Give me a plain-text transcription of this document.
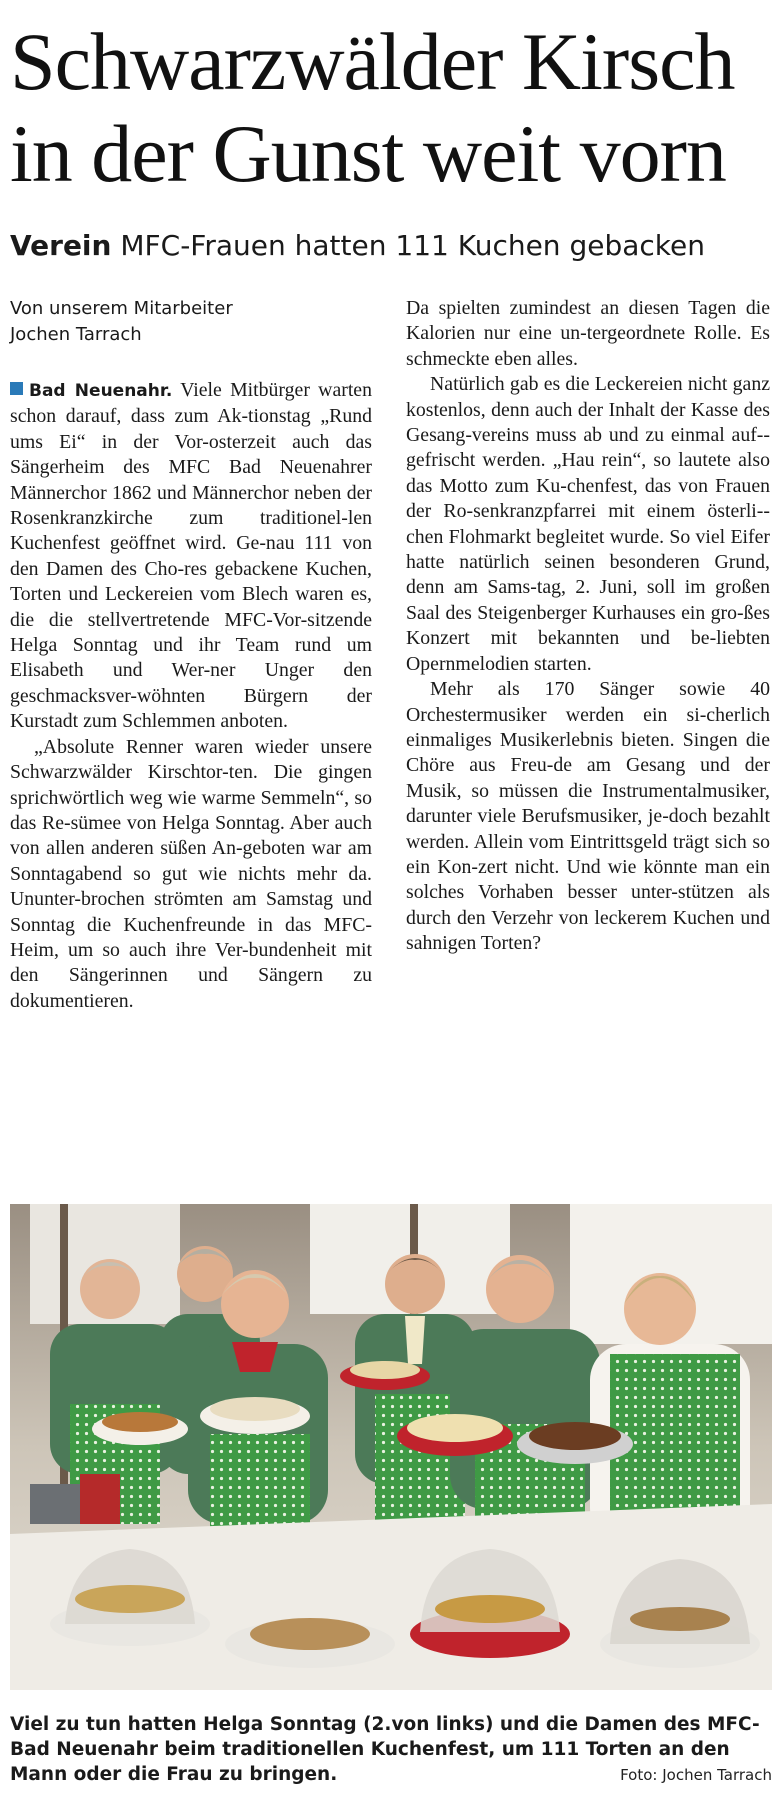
Schwarzwälder Kirsch
in der Gunst weit vorn
Verein MFC-Frauen hatten 111 Kuchen gebacken
Von unserem Mitarbeiter
Jochen Tarrach

Bad Neuenahr. Viele Mitbürger warten schon darauf, dass zum Ak-tionstag „Rund ums Ei“ in der Vor-osterzeit auch das Sängerheim des MFC Bad Neuenahrer Männerchor 1862 und Männerchor neben der Rosenkranzkirche zum traditionel-len Kuchenfest geöffnet wird. Ge-nau 111 von den Damen des Cho-res gebackene Kuchen, Torten und Leckereien vom Blech waren es, die die stellvertretende MFC-Vor-sitzende Helga Sonntag und ihr Team rund um Elisabeth und Wer-ner Unger den geschmacksver-wöhnten Bürgern der Kurstadt zum Schlemmen anboten.

„Absolute Renner waren wieder unsere Schwarzwälder Kirschtor-ten. Die gingen sprichwörtlich weg wie warme Semmeln“, so das Re-sümee von Helga Sonntag. Aber auch von allen anderen süßen An-geboten war am Sonntagabend so gut wie nichts mehr da. Ununter-brochen strömten am Samstag und Sonntag die Kuchenfreunde in das MFC-Heim, um so auch ihre Ver-bundenheit mit den Sängerinnen und Sängern zu dokumentieren.

Da spielten zumindest an diesen Tagen die Kalorien nur eine un-tergeordnete Rolle. Es schmeckte eben alles.

Natürlich gab es die Leckereien nicht ganz kostenlos, denn auch der Inhalt der Kasse des Gesang-vereins muss ab und zu einmal auf-gefrischt werden. „Hau rein“, so lautete also das Motto zum Ku-chenfest, das von Frauen der Ro-senkranzpfarrei mit einem österli-chen Flohmarkt begleitet wurde. So viel Eifer hatte natürlich seinen besonderen Grund, denn am Sams-tag, 2. Juni, soll im großen Saal des Steigenberger Kurhauses ein gro-ßes Konzert mit bekannten und be-liebten Opernmelodien starten.

Mehr als 170 Sänger sowie 40 Orchestermusiker werden ein si-cherlich einmaliges Musikerlebnis bieten. Singen die Chöre aus Freu-de am Gesang und der Musik, so müssen die Instrumentalmusiker, darunter viele Berufsmusiker, je-doch bezahlt werden. Allein vom Eintrittsgeld trägt sich so ein Kon-zert nicht. Und wie könnte man ein solches Vorhaben besser unter-stützen als durch den Verzehr von leckerem Kuchen und sahnigen Torten?

Viel zu tun hatten Helga Sonntag (2.von links) und die Damen des MFC-Bad Neuenahr beim traditionellen Kuchenfest, um 111 Torten an den Mann oder die Frau zu bringen.	Foto: Jochen Tarrach
